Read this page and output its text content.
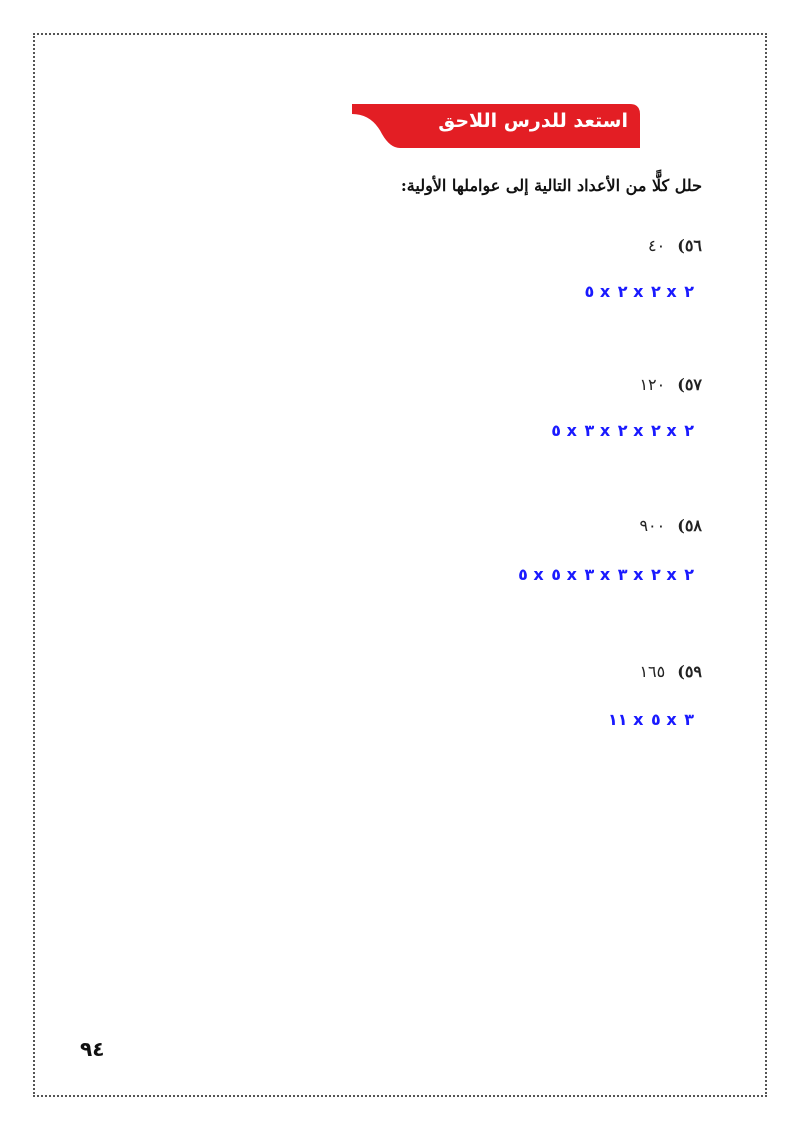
استعد للدرس اللاحق
حلل كلًّا من الأعداد التالية إلى عواملها الأولية:
٥٦)٤٠
٥ x ٢ x ٢ x ٢
٥٧)١٢٠
٥ x ٣ x ٢ x ٢ x ٢
٥٨)٩٠٠
٥ x ٥ x ٣ x ٣ x ٢ x ٢
٥٩)١٦٥
١١ x ٥ x ٣
٩٤
